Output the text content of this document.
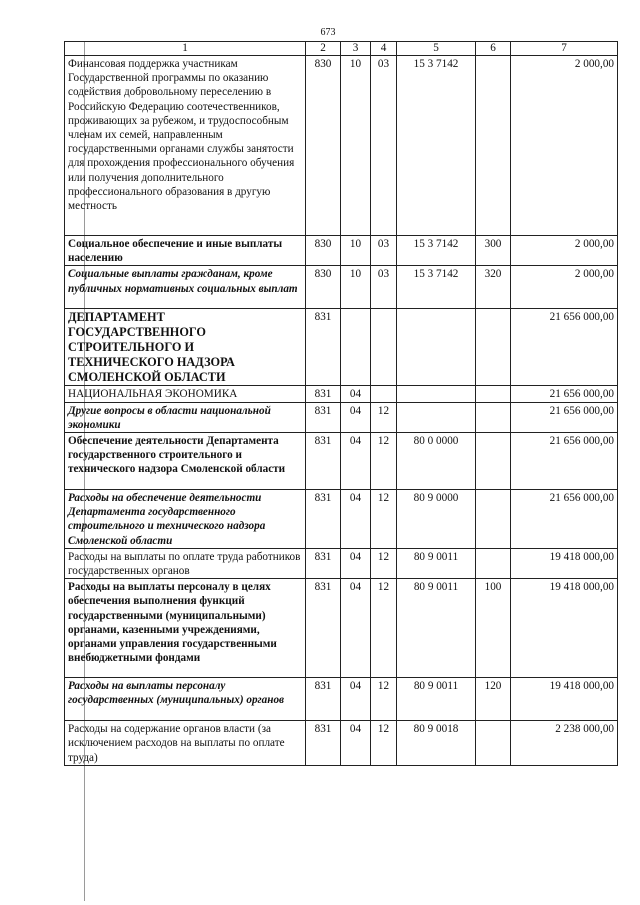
673
1	2	3	4	5	6	7
Финансовая поддержка участникам Государственной программы по оказанию содействия добровольному переселению в Российскую Федерацию соотечественников, проживающих за рубежом, и трудоспособным членам их семей, направленным государственными органами службы занятости для прохождения профессионального обучения или получения дополнительного профессионального образования в другую местность	830	10	03	15 3 7142		2 000,00
Социальное обеспечение и иные выплаты населению	830	10	03	15 3 7142	300	2 000,00
Социальные выплаты гражданам, кроме публичных нормативных социальных выплат	830	10	03	15 3 7142	320	2 000,00
ДЕПАРТАМЕНТ ГОСУДАРСТВЕННОГО СТРОИТЕЛЬНОГО И ТЕХНИЧЕСКОГО НАДЗОРА СМОЛЕНСКОЙ ОБЛАСТИ	831					21 656 000,00
НАЦИОНАЛЬНАЯ ЭКОНОМИКА	831	04				21 656 000,00
Другие вопросы в области национальной экономики	831	04	12			21 656 000,00
Обеспечение деятельности Департамента государственного строительного и технического надзора Смоленской области	831	04	12	80 0 0000		21 656 000,00
Расходы на обеспечение деятельности Департамента государственного строительного и технического надзора Смоленской области	831	04	12	80 9 0000		21 656 000,00
Расходы на выплаты по оплате труда работников государственных органов	831	04	12	80 9 0011		19 418 000,00
Расходы на выплаты персоналу в целях обеспечения выполнения функций государственными (муниципальными) органами, казенными учреждениями, органами управления государственными внебюджетными фондами	831	04	12	80 9 0011	100	19 418 000,00
Расходы на выплаты персоналу государственных (муниципальных) органов	831	04	12	80 9 0011	120	19 418 000,00
Расходы на содержание органов власти (за исключением расходов на выплаты по оплате труда)	831	04	12	80 9 0018		2 238 000,00
